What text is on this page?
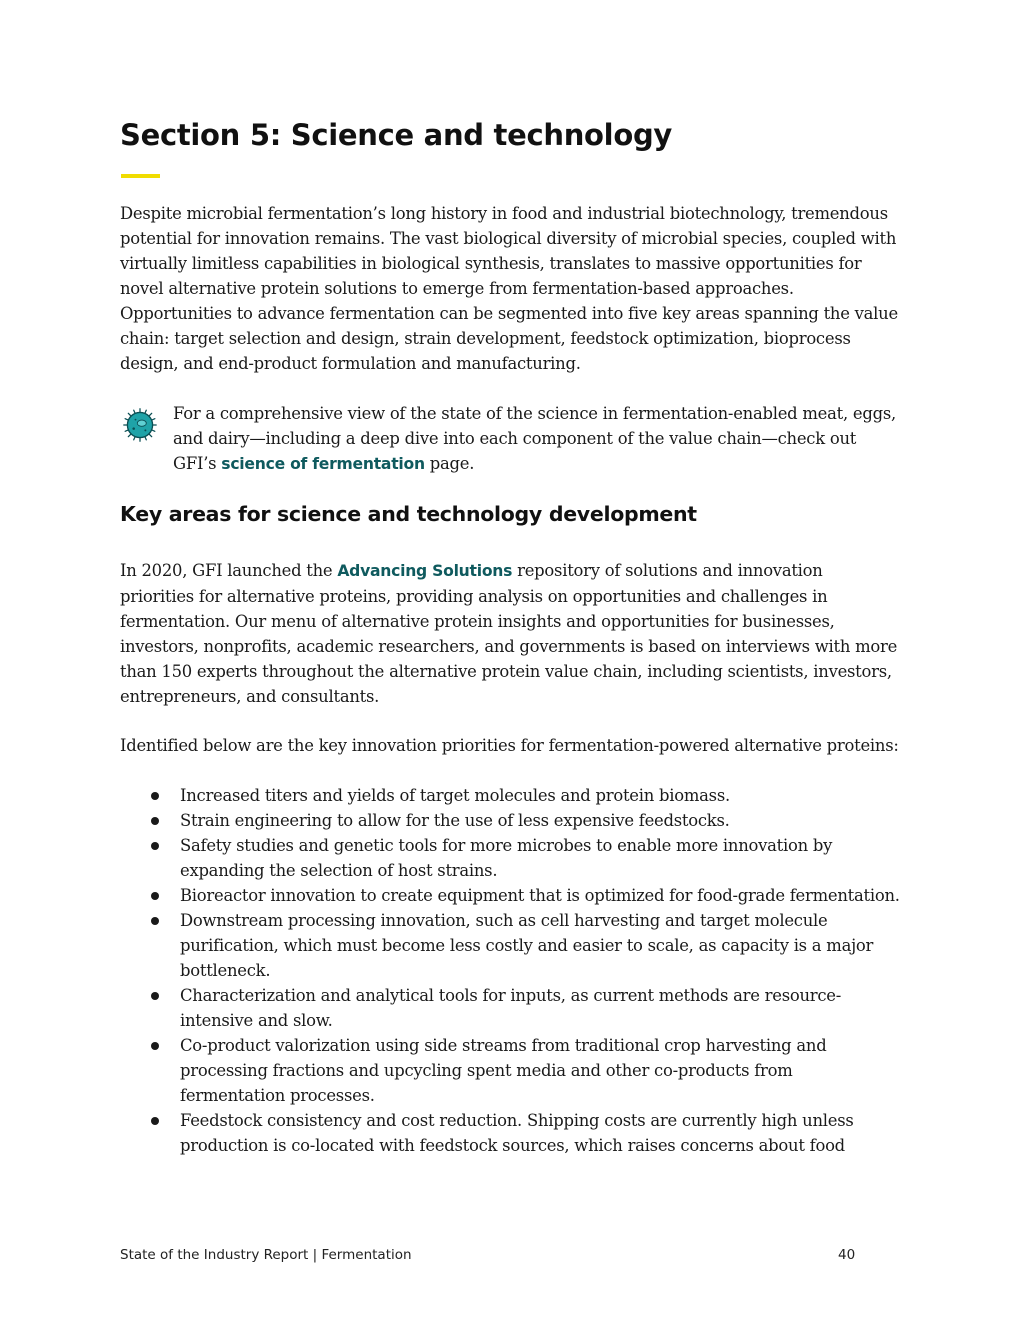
Section 5: Science and technology

Despite microbial fermentation’s long history in food and industrial biotechnology, tremendous potential for innovation remains. The vast biological diversity of microbial species, coupled with virtually limitless capabilities in biological synthesis, translates to massive opportunities for novel alternative protein solutions to emerge from fermentation-based approaches. Opportunities to advance fermentation can be segmented into five key areas spanning the value chain: target selection and design, strain development, feedstock optimization, bioprocess design, and end-product formulation and manufacturing.

For a comprehensive view of the state of the science in fermentation-enabled meat, eggs, and dairy—including a deep dive into each component of the value chain—check out GFI’s science of fermentation page.

Key areas for science and technology development

In 2020, GFI launched the Advancing Solutions repository of solutions and innovation priorities for alternative proteins, providing analysis on opportunities and challenges in fermentation. Our menu of alternative protein insights and opportunities for businesses, investors, nonprofits, academic researchers, and governments is based on interviews with more than 150 experts throughout the alternative protein value chain, including scientists, investors, entrepreneurs, and consultants.

Identified below are the key innovation priorities for fermentation-powered alternative proteins:

Increased titers and yields of target molecules and protein biomass.
Strain engineering to allow for the use of less expensive feedstocks.
Safety studies and genetic tools for more microbes to enable more innovation by expanding the selection of host strains.
Bioreactor innovation to create equipment that is optimized for food-grade fermentation.
Downstream processing innovation, such as cell harvesting and target molecule purification, which must become less costly and easier to scale, as capacity is a major bottleneck.
Characterization and analytical tools for inputs, as current methods are resource-intensive and slow.
Co-product valorization using side streams from traditional crop harvesting and processing fractions and upcycling spent media and other co-products from fermentation processes.
Feedstock consistency and cost reduction. Shipping costs are currently high unless production is co-located with feedstock sources, which raises concerns about food
State of the Industry Report | Fermentation	40
